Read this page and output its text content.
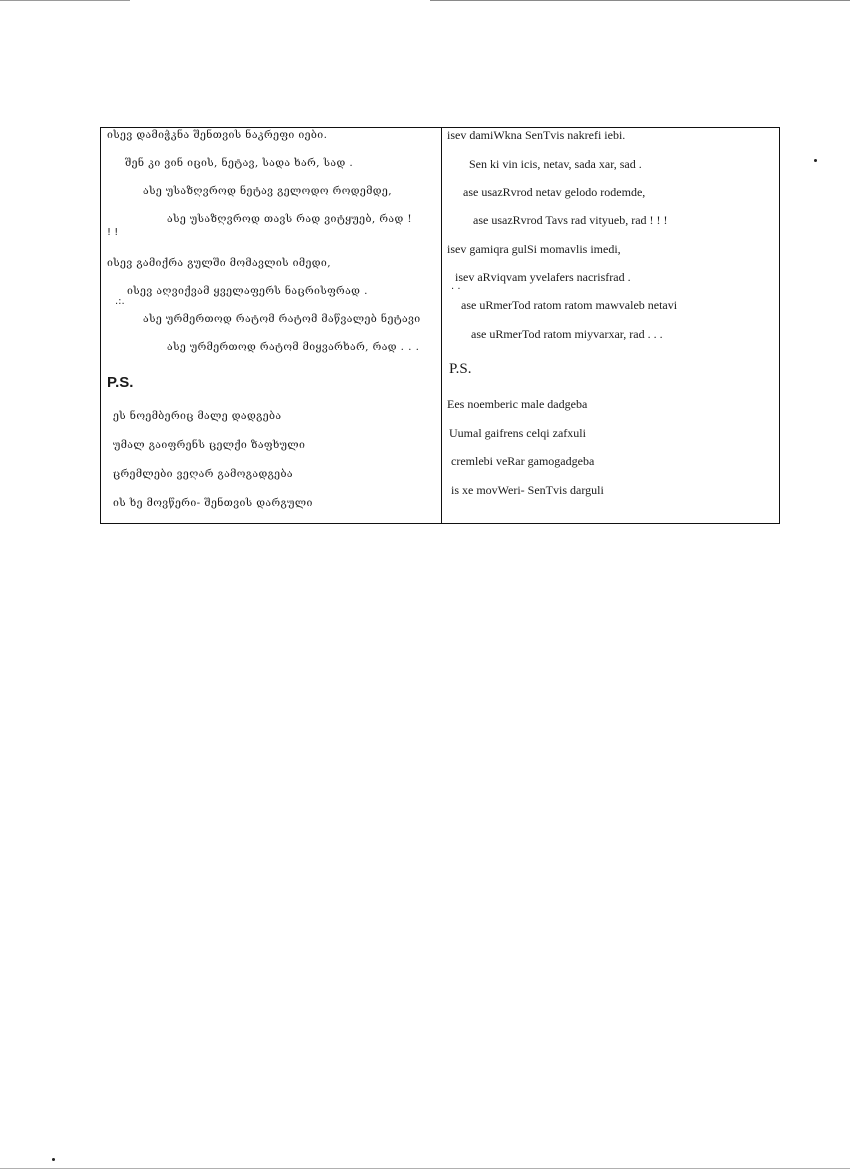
ისევ დამიჭკნა შენთვის ნაკრეფი იები.
შენ კი ვინ იცის, ნეტავ, სადა ხარ, სად .
ასე უსაზღვროდ ნეტავ გელოდო როდემდე,
ასე უსაზღვროდ თავს რად ვიტყუებ, რად !
! !
ისევ გამიქრა გულში მომავლის იმედი,
ისევ აღვიქვამ ყველაფერს ნაცრისფრად .
.:.
ასე ურმერთოდ რატომ რატომ მაწვალებ ნეტავი
ასე ურმერთოდ რატომ მიყვარხარ, რად . . .
P.S.
ეს ნოემბერიც მალე დადგება
უმალ გაიფრენს ცელქი ზაფხული
ცრემლები ვეღარ გამოგადგება
ის ხე მოვწერი- შენთვის დარგული
isev damiWkna SenTvis nakrefi iebi.
Sen ki vin icis, netav, sada xar, sad .
ase usazRvrod netav gelodo rodemde,
ase usazRvrod Tavs rad vityueb, rad ! ! !
isev gamiqra gulSi momavlis imedi,
isev aRviqvam yvelafers nacrisfrad .
. .
ase uRmerTod ratom ratom mawvaleb netavi
ase uRmerTod ratom miyvarxar, rad . . .
P.S.
Ees noemberic male dadgeba
Uumal gaifrens celqi zafxuli
cremlebi veRar gamogadgeba
is xe movWeri- SenTvis darguli
